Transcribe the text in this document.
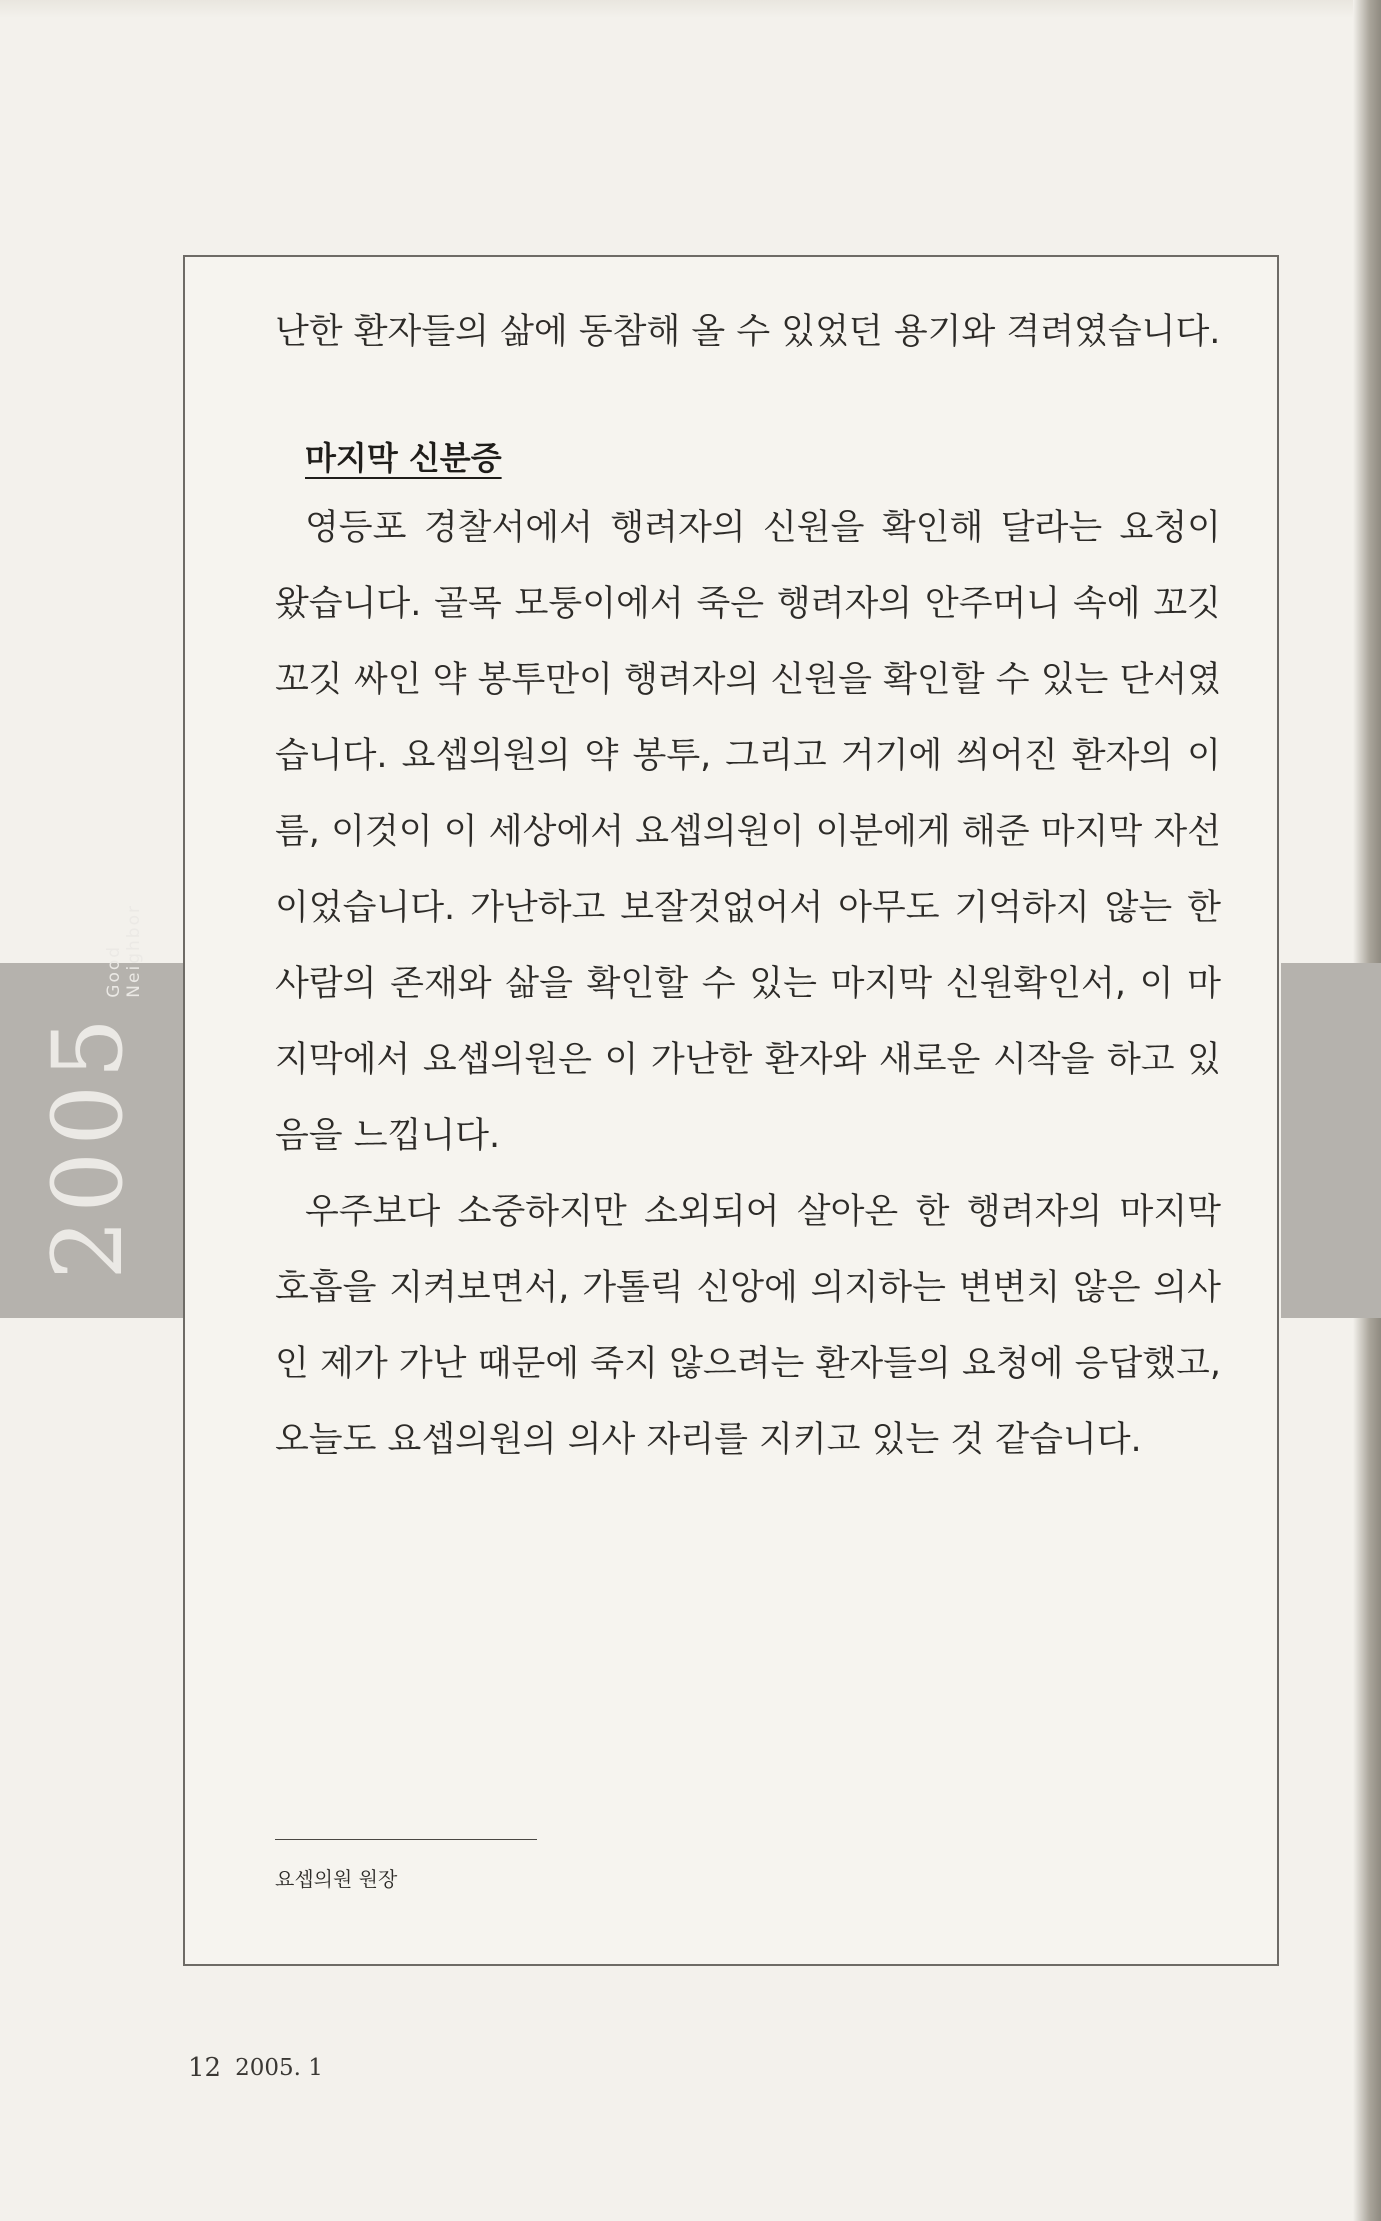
2005
Good Neighbor

난한 환자들의 삶에 동참해 올 수 있었던 용기와 격려였습니다.

마지막 신분증

영등포 경찰서에서 행려자의 신원을 확인해 달라는 요청이 왔습니다. 골목 모퉁이에서 죽은 행려자의 안주머니 속에 꼬깃꼬깃 싸인 약 봉투만이 행려자의 신원을 확인할 수 있는 단서였습니다. 요셉의원의 약 봉투, 그리고 거기에 씌어진 환자의 이름, 이것이 이 세상에서 요셉의원이 이분에게 해준 마지막 자선이었습니다. 가난하고 보잘것없어서 아무도 기억하지 않는 한 사람의 존재와 삶을 확인할 수 있는 마지막 신원확인서, 이 마지막에서 요셉의원은 이 가난한 환자와 새로운 시작을 하고 있음을 느낍니다.

우주보다 소중하지만 소외되어 살아온 한 행려자의 마지막 호흡을 지켜보면서, 가톨릭 신앙에 의지하는 변변치 않은 의사인 제가 가난 때문에 죽지 않으려는 환자들의 요청에 응답했고, 오늘도 요셉의원의 의사 자리를 지키고 있는 것 같습니다.

요셉의원 원장
12 2005. 1
